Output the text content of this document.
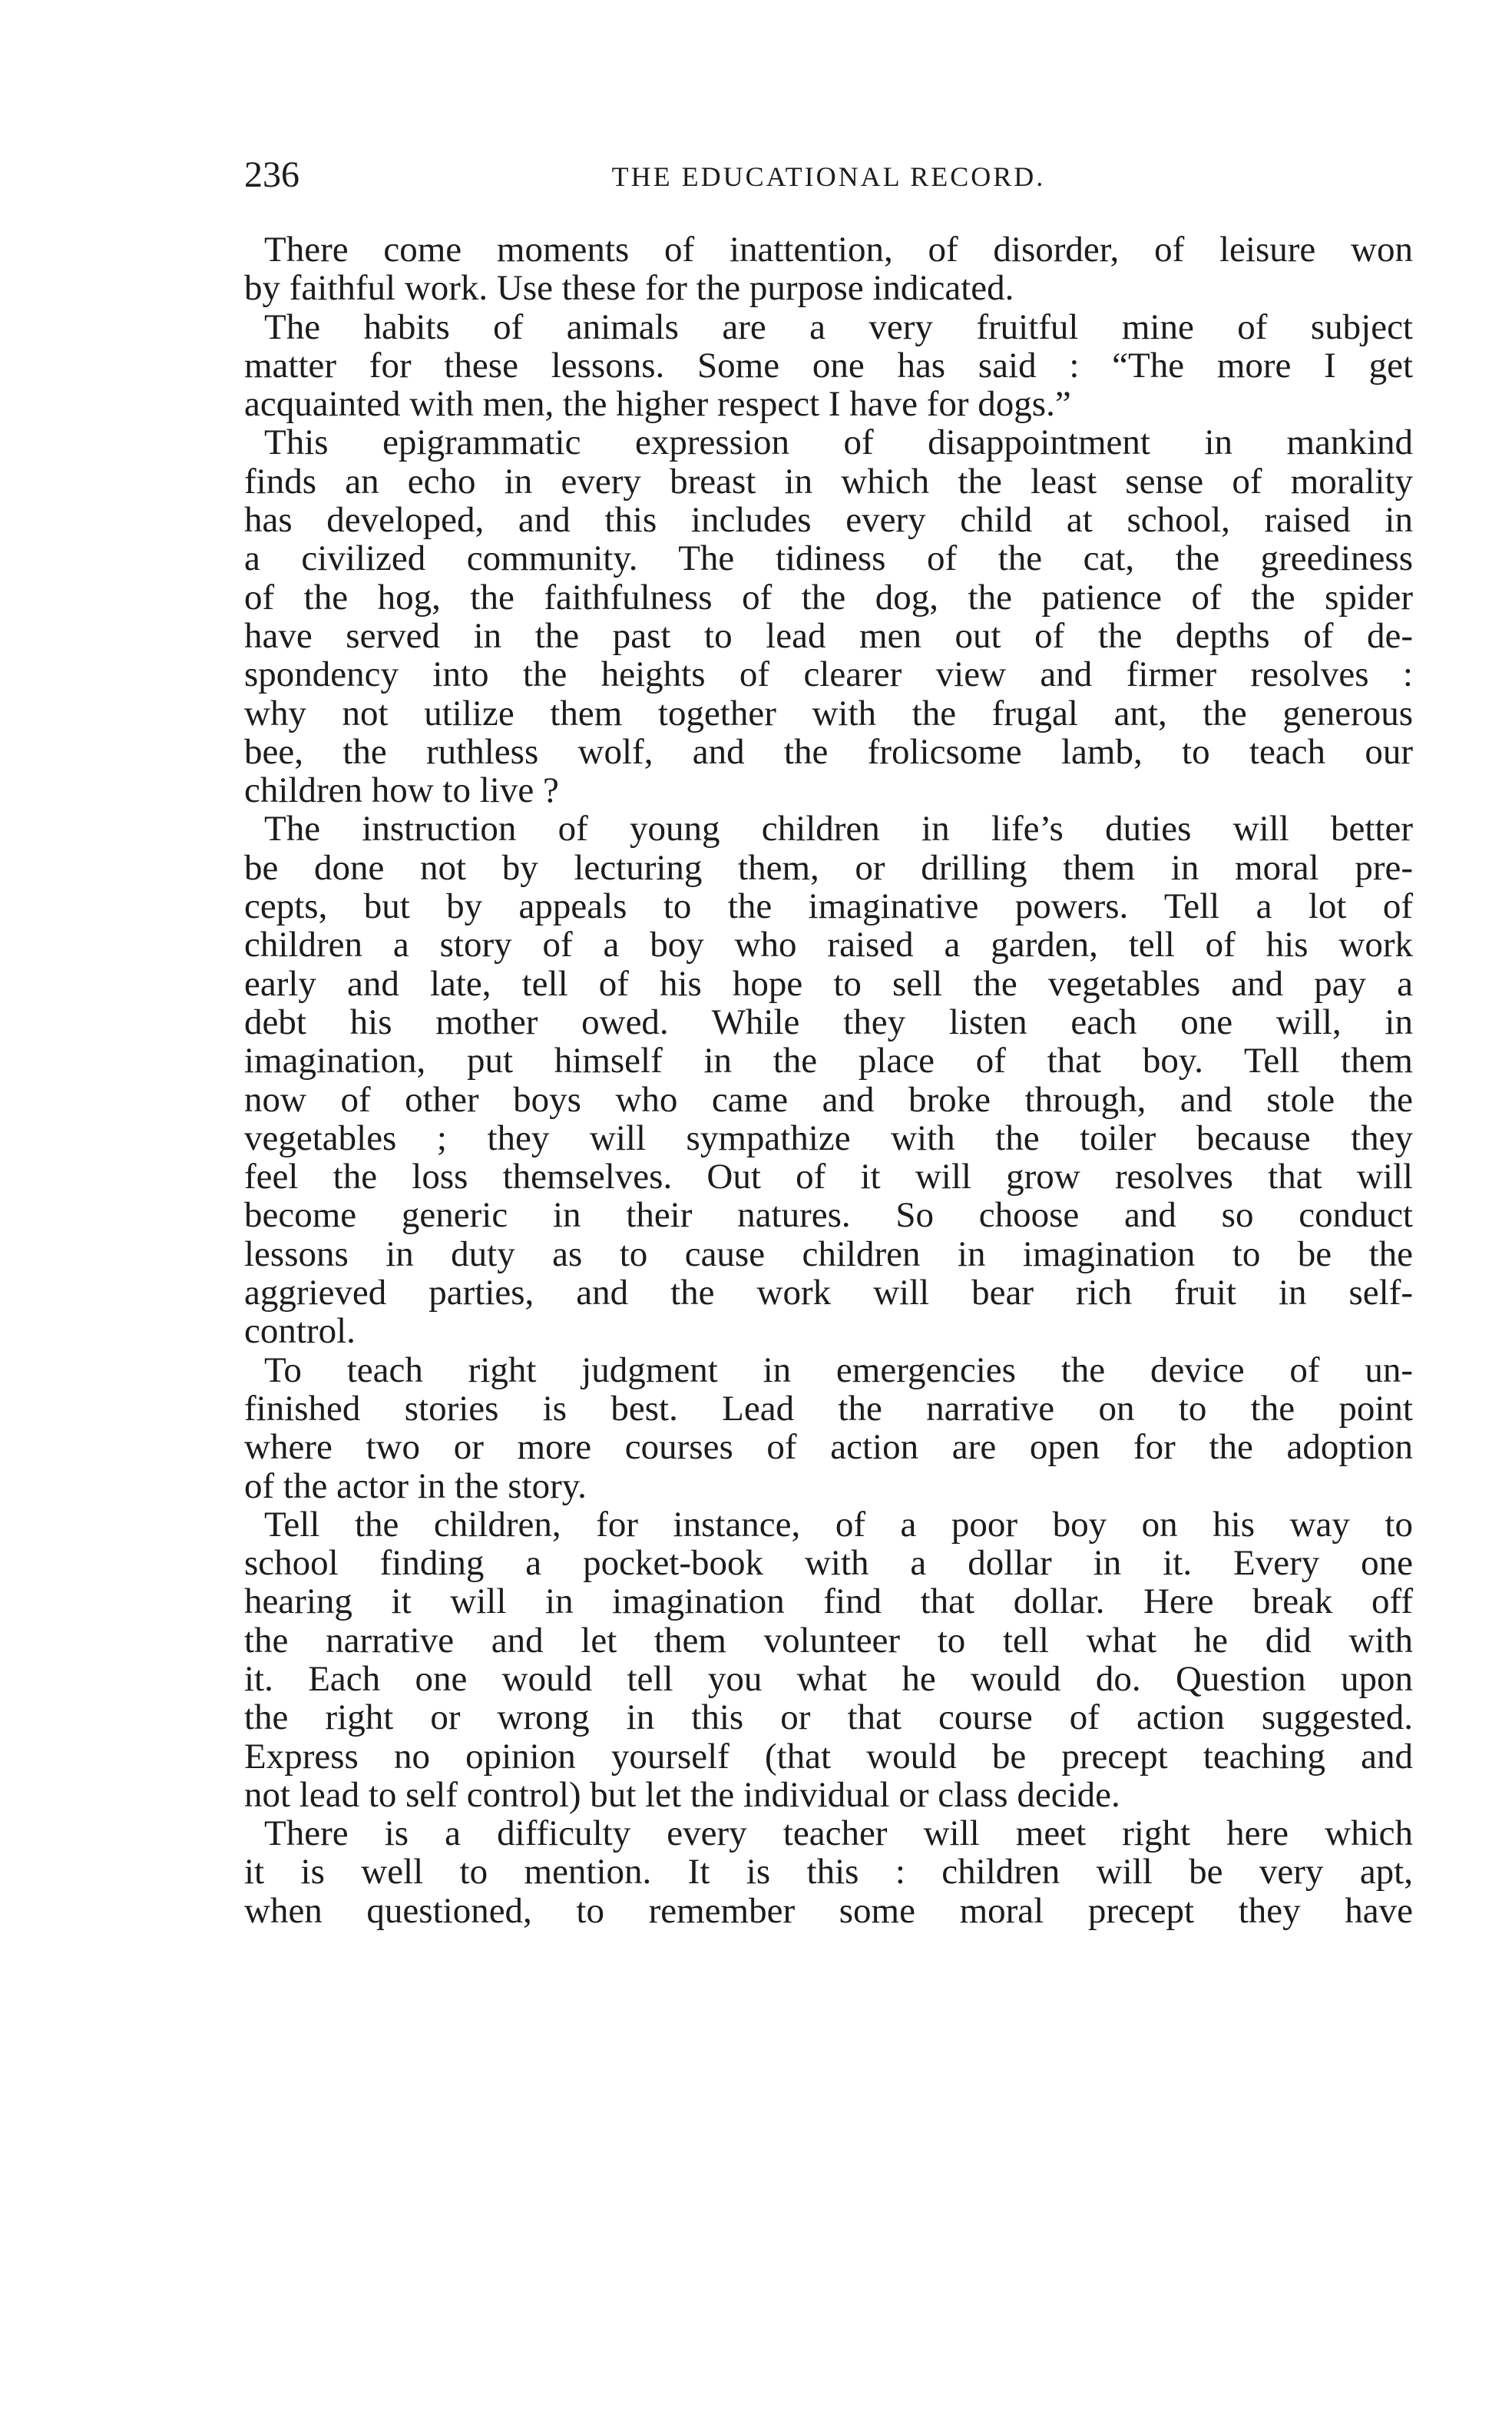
236	THE EDUCATIONAL RECORD.

There come moments of inattention, of disorder, of leisure won
by faithful work. Use these for the purpose indicated.

The habits of animals are a very fruitful mine of subject
matter for these lessons. Some one has said : “The more I get
acquainted with men, the higher respect I have for dogs.”

This epigrammatic expression of disappointment in mankind
finds an echo in every breast in which the least sense of morality
has developed, and this includes every child at school, raised in
a civilized community. The tidiness of the cat, the greediness
of the hog, the faithfulness of the dog, the patience of the spider
have served in the past to lead men out of the depths of de-
spondency into the heights of clearer view and firmer resolves :
why not utilize them together with the frugal ant, the generous
bee, the ruthless wolf, and the frolicsome lamb, to teach our
children how to live ?

The instruction of young children in life’s duties will better
be done not by lecturing them, or drilling them in moral pre-
cepts, but by appeals to the imaginative powers. Tell a lot of
children a story of a boy who raised a garden, tell of his work
early and late, tell of his hope to sell the vegetables and pay a
debt his mother owed. While they listen each one will, in
imagination, put himself in the place of that boy. Tell them
now of other boys who came and broke through, and stole the
vegetables ; they will sympathize with the toiler because they
feel the loss themselves. Out of it will grow resolves that will
become generic in their natures. So choose and so conduct
lessons in duty as to cause children in imagination to be the
aggrieved parties, and the work will bear rich fruit in self-
control.

To teach right judgment in emergencies the device of un-
finished stories is best. Lead the narrative on to the point
where two or more courses of action are open for the adoption
of the actor in the story.

Tell the children, for instance, of a poor boy on his way to
school finding a pocket-book with a dollar in it. Every one
hearing it will in imagination find that dollar. Here break off
the narrative and let them volunteer to tell what he did with
it. Each one would tell you what he would do. Question upon
the right or wrong in this or that course of action suggested.
Express no opinion yourself (that would be precept teaching and
not lead to self control) but let the individual or class decide.

There is a difficulty every teacher will meet right here which
it is well to mention. It is this : children will be very apt,
when questioned, to remember some moral precept they have
